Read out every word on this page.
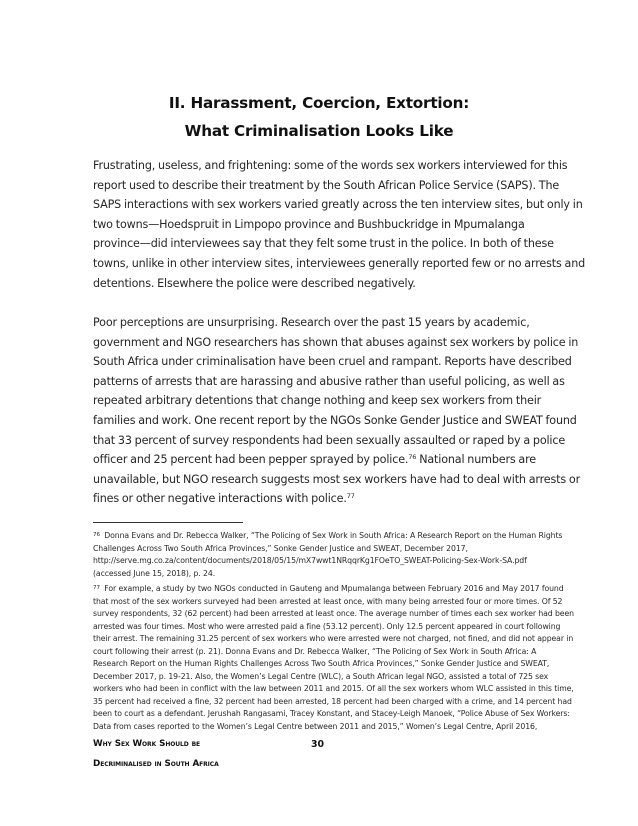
II. Harassment, Coercion, Extortion:
What Criminalisation Looks Like
Frustrating, useless, and frightening: some of the words sex workers interviewed for this
report used to describe their treatment by the South African Police Service (SAPS). The
SAPS interactions with sex workers varied greatly across the ten interview sites, but only in
two towns—Hoedspruit in Limpopo province and Bushbuckridge in Mpumalanga
province—did interviewees say that they felt some trust in the police. In both of these
towns, unlike in other interview sites, interviewees generally reported few or no arrests and
detentions. Elsewhere the police were described negatively.
Poor perceptions are unsurprising. Research over the past 15 years by academic,
government and NGO researchers has shown that abuses against sex workers by police in
South Africa under criminalisation have been cruel and rampant. Reports have described
patterns of arrests that are harassing and abusive rather than useful policing, as well as
repeated arbitrary detentions that change nothing and keep sex workers from their
families and work. One recent report by the NGOs Sonke Gender Justice and SWEAT found
that 33 percent of survey respondents had been sexually assaulted or raped by a police
officer and 25 percent had been pepper sprayed by police.$^{76}$ National numbers are
unavailable, but NGO research suggests most sex workers have had to deal with arrests or
fines or other negative interactions with police.$^{77}$
$^{76}$ Donna Evans and Dr. Rebecca Walker, “The Policing of Sex Work in South Africa: A Research Report on the Human Rights
Challenges Across Two South Africa Provinces,” Sonke Gender Justice and SWEAT, December 2017,
http://serve.mg.co.za/content/documents/2018/05/15/mX7wwt1NRqqrKg1FOeTO_SWEAT-Policing-Sex-Work-SA.pdf
(accessed June 15, 2018), p. 24.
$^{77}$ For example, a study by two NGOs conducted in Gauteng and Mpumalanga between February 2016 and May 2017 found
that most of the sex workers surveyed had been arrested at least once, with many being arrested four or more times. Of 52
survey respondents, 32 (62 percent) had been arrested at least once. The average number of times each sex worker had been
arrested was four times. Most who were arrested paid a fine (53.12 percent). Only 12.5 percent appeared in court following
their arrest. The remaining 31.25 percent of sex workers who were arrested were not charged, not fined, and did not appear in
court following their arrest (p. 21). Donna Evans and Dr. Rebecca Walker, “The Policing of Sex Work in South Africa: A
Research Report on the Human Rights Challenges Across Two South Africa Provinces,” Sonke Gender Justice and SWEAT,
December 2017, p. 19-21. Also, the Women’s Legal Centre (WLC), a South African legal NGO, assisted a total of 725 sex
workers who had been in conflict with the law between 2011 and 2015. Of all the sex workers whom WLC assisted in this time,
35 percent had received a fine, 32 percent had been arrested, 18 percent had been charged with a crime, and 14 percent had
been to court as a defendant. Jerushah Rangasami, Tracey Konstant, and Stacey-Leigh Manoek, “Police Abuse of Sex Workers:
Data from cases reported to the Women’s Legal Centre between 2011 and 2015,” Women’s Legal Centre, April 2016,
Why Sex Work Should be
Decriminalised in South Africa
30
